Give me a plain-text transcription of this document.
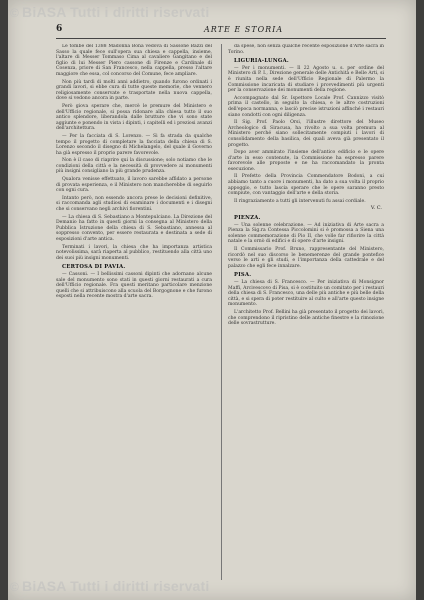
© BiASA Tutti i diritti riservati
6	ARTE E STORIA
Le tombe del 1388 Madonna Bona vedova di Sassone Bazzi del Sasso la quale fece sull'opera sua chiesa e cappella, insieme, l'altare di Messer Tommaso Cima al cavaliere Gangitano e del figlio di lui Messer Piero cassone di Firenze e Cardinale di Cosenza, priore di San Francesco, nella cappella, presso l'altare maggiore che essa, col concorso del Comune, fece ampliare.
Non più tardi di molti anni addietro, quando furono ordinati i grandi lavori, si ebbe cura di tutte queste memorie, che vennero religiosamente conservate e trasportate nella nuova cappella, dove si vedono ancora in parte.
Però giova sperare che, mercè le premure del Ministero e dell'Ufficio regionale, si possa ridonare alla chiesa tutto il suo antico splendore, liberandola dalle brutture che vi sono state aggiunte e ponendo in vista i dipinti, i capitelli ed i preziosi avanzi dell'architettura.
— Per la facciata di S. Lorenzo. — Si fa strada da qualche tempo il progetto di completare la facciata della chiesa di S. Lorenzo secondo il disegno di Michelangelo, del quale il Governo ha già espresso il proprio parere favorevole.
Non è il caso di riaprire qui la discussione; solo notiamo che le condizioni della città e la necessità di provvedere ai monumenti più insigni consigliano la più grande prudenza.
Qualora venisse effettuato, il lavoro sarebbe affidato a persone di provata esperienza, e il Ministero non mancherebbe di seguirlo con ogni cura.
Intanto però, non essendo ancora prese le decisioni definitive, si raccomanda agli studiosi di esaminare i documenti e i disegni che si conservano negli archivi fiorentini.
— La chiesa di S. Sebastiano a Montepulciano. La Direzione del Demanio ha fatto in questi giorni la consegna al Ministero della Pubblica Istruzione della chiesa di S. Sebastiano, annessa al soppresso convento, per essere restaurata e destinata a sede di esposizioni d'arte antica.
Terminati i lavori, la chiesa che ha importanza artistica notevolissima, sarà riaperta al pubblico, restituendo alla città uno dei suoi più insigni monumenti.
CERTOSA DI PAVIA.
— Cassoni. — I bellissimi cassoni dipinti che adornano alcune sale del monumento sono stati in questi giorni restaurati a cura dell'Ufficio regionale. Fra questi meritano particolare menzione quelli che si attribuiscono alla scuola del Borgognone e che furono esposti nella recente mostra d'arte sacra.
da spese, non senza qualche recente esposizione d'Arte sacra in Torino.
LIGURIA-LUNGA.
— Per i monumenti. — Il 22 Agosto u. s. per ordine del Ministero di P. I., Direzione generale delle Antichità e Belle Arti, si è riunita nella sede dell'Ufficio Regionale di Palermo la Commissione incaricata di studiare i provvedimenti più urgenti per la conservazione dei monumenti della regione.
Accompagnato dal Sr. Ispettore Locale Prof. Cannizzo visitò prima il castello, in seguito la chiesa, e le altre costruzioni dell'epoca normanna, e lasciò precise istruzioni affinché i restauri siano condotti con ogni diligenza.
Il Sig. Prof. Paolo Orsi, l'illustre direttore del Museo Archeologico di Siracusa, ha rivolto a sua volta premura al Ministero perché siano sollecitamente compiuti i lavori di consolidamento della basilica, dei quali aveva già presentato il progetto.
Dopo aver ammirato l'insieme dell'antico edificio e le opere d'arte in esso contenute, la Commissione ha espresso parere favorevole alle proposte e ne ha raccomandato la pronta esecuzione.
Il Prefetto della Provincia Commendatore Bodoni, a cui abbiamo tanto a cuore i monumenti, ha dato a sua volta il proprio appoggio, e tutto lascia sperare che le opere saranno presto compiute, con vantaggio dell'arte e della storia.
Il ringraziamento a tutti gli intervenuti fu assai cordiale.
V. C.
PIENZA.
— Una solenne celebrazione. — Ad iniziativa di Arte sacra a Pienza la Sig.ra Contessa Piccolomini si è promossa a Siena una solenne commemorazione di Pio II, che volle far rifiorire la città natale e la ornò di edifici e di opere d'arte insigni.
Il Commissario Prof. Bruno, rappresentante del Ministero, ricordò nel suo discorso le benemerenze del grande pontefice verso le arti e gli studi, e l'importanza della cattedrale e del palazzo che egli fece innalzare.
PISA.
— La chiesa di S. Francesco. — Per iniziativa di Monsignor Maffi, Arcivescovo di Pisa, si è costituito un comitato per i restauri della chiesa di S. Francesco, una delle più antiche e più belle della città, e si spera di poter restituire al culto e all'arte questo insigne monumento.
L'architetto Prof. Bellini ha già presentato il progetto dei lavori, che comprendono il ripristino delle antiche finestre e la rimozione delle sovrastrutture.
© BiASA Tutti i diritti riservati
